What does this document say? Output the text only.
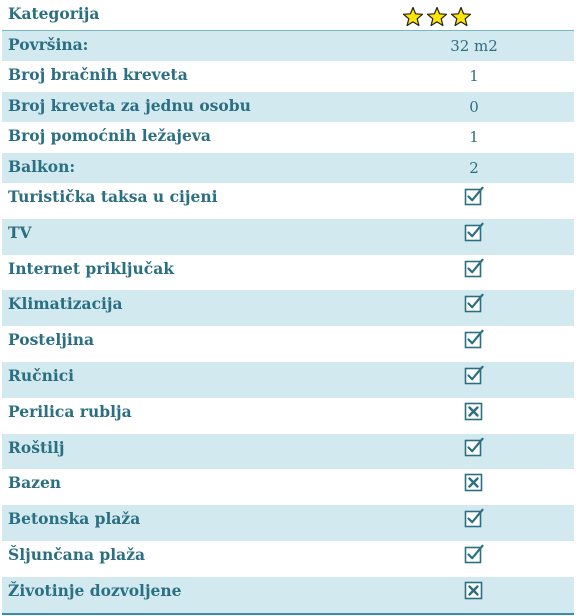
Kategorija
Površina:	32 m2
Broj bračnih kreveta	1
Broj kreveta za jednu osobu	0
Broj pomoćnih ležajeva	1
Balkon:	2
Turistička taksa u cijeni
TV
Internet priključak
Klimatizacija
Posteljina
Ručnici
Perilica rublja
Roštilj
Bazen
Betonska plaža
Šljunčana plaža
Životinje dozvoljene
